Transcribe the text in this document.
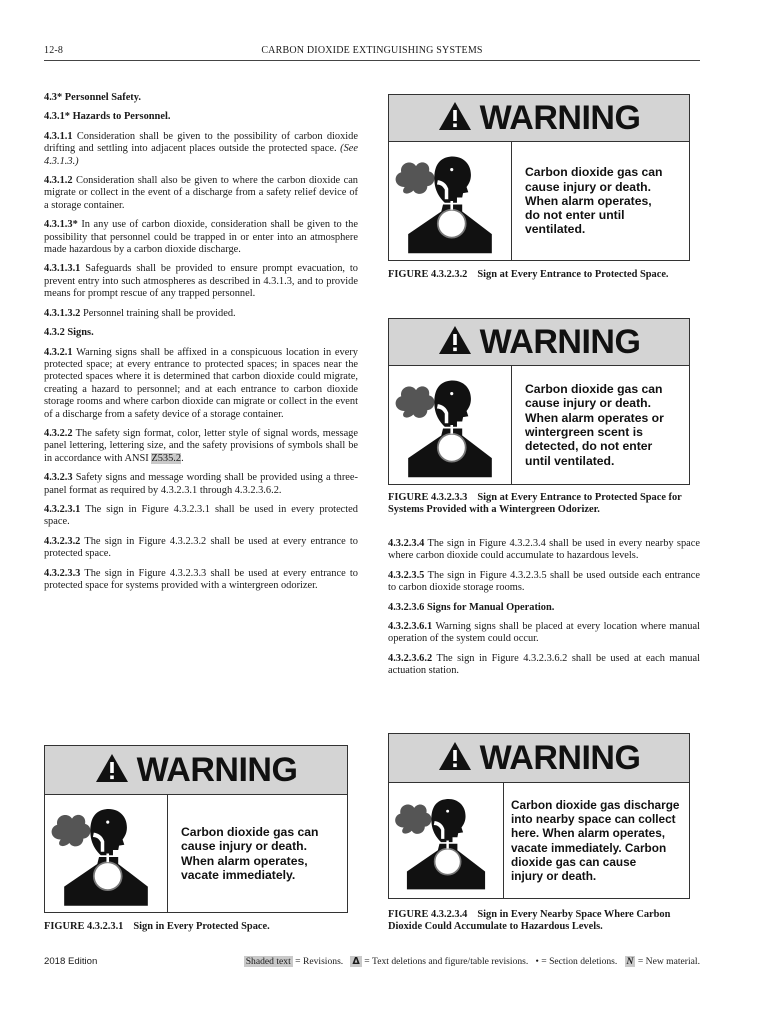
12-8	CARBON DIOXIDE EXTINGUISHING SYSTEMS

4.3* Personnel Safety.

4.3.1* Hazards to Personnel.

4.3.1.1 Consideration shall be given to the possibility of carbon dioxide drifting and settling into adjacent places outside the protected space. (See 4.3.1.3.)

4.3.1.2 Consideration shall also be given to where the carbon dioxide can migrate or collect in the event of a discharge from a safety relief device of a storage container.

4.3.1.3* In any use of carbon dioxide, consideration shall be given to the possibility that personnel could be trapped in or enter into an atmosphere made hazardous by a carbon dioxide discharge.

4.3.1.3.1 Safeguards shall be provided to ensure prompt evacuation, to prevent entry into such atmospheres as described in 4.3.1.3, and to provide means for prompt rescue of any trapped personnel.

4.3.1.3.2 Personnel training shall be provided.

4.3.2 Signs.

4.3.2.1 Warning signs shall be affixed in a conspicuous location in every protected space; at every entrance to protected spaces; in spaces near the protected spaces where it is determined that carbon dioxide could migrate, creating a hazard to personnel; and at each entrance to carbon dioxide storage rooms and where carbon dioxide can migrate or collect in the event of a discharge from a safety device of a storage container.

4.3.2.2 The safety sign format, color, letter style of signal words, message panel lettering, lettering size, and the safety provisions of symbols shall be in accordance with ANSI Z535.2.

4.3.2.3 Safety signs and message wording shall be provided using a three-panel format as required by 4.3.2.3.1 through 4.3.2.3.6.2.

4.3.2.3.1 The sign in Figure 4.3.2.3.1 shall be used in every protected space.

4.3.2.3.2 The sign in Figure 4.3.2.3.2 shall be used at every entrance to protected space.

4.3.2.3.3 The sign in Figure 4.3.2.3.3 shall be used at every entrance to protected space for systems provided with a wintergreen odorizer.

4.3.2.3.4 The sign in Figure 4.3.2.3.4 shall be used in every nearby space where carbon dioxide could accumulate to hazardous levels.

4.3.2.3.5 The sign in Figure 4.3.2.3.5 shall be used outside each entrance to carbon dioxide storage rooms.

4.3.2.3.6 Signs for Manual Operation.

4.3.2.3.6.1 Warning signs shall be placed at every location where manual operation of the system could occur.

4.3.2.3.6.2 The sign in Figure 4.3.2.3.6.2 shall be used at each manual actuation station.

WARNING
Carbon dioxide gas can
cause injury or death.
When alarm operates,
do not enter until
ventilated.
FIGURE 4.3.2.3.2 Sign at Every Entrance to Protected Space.
WARNING
Carbon dioxide gas can
cause injury or death.
When alarm operates or
wintergreen scent is
detected, do not enter
until ventilated.
FIGURE 4.3.2.3.3 Sign at Every Entrance to Protected Space for Systems Provided with a Wintergreen Odorizer.
WARNING
Carbon dioxide gas can
cause injury or death.
When alarm operates,
vacate immediately.
FIGURE 4.3.2.3.1 Sign in Every Protected Space.
WARNING
Carbon dioxide gas discharge
into nearby space can collect
here. When alarm operates,
vacate immediately. Carbon
dioxide gas can cause
injury or death.
FIGURE 4.3.2.3.4 Sign in Every Nearby Space Where Carbon Dioxide Could Accumulate to Hazardous Levels.
2018 Edition	Shaded text = Revisions. Δ = Text deletions and figure/table revisions. • = Section deletions. N = New material.
